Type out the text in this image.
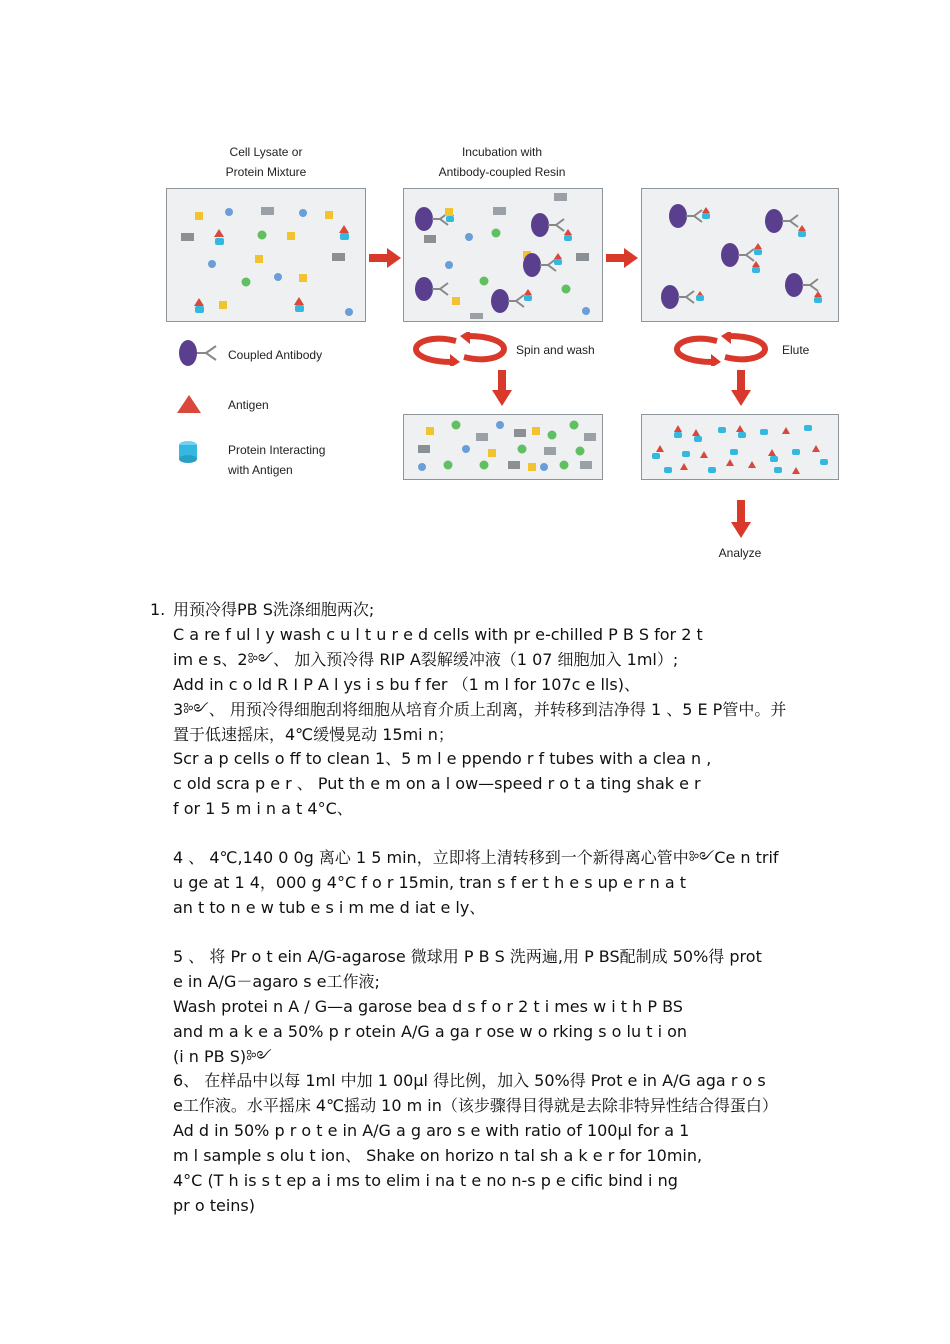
Cell Lysate or
Protein Mixture
Incubation with
Antibody-coupled Resin
Coupled Antibody
Antigen
Protein Interacting
with Antigen
Spin and wash	Elute
Analyze

1. 用预冷得PB S洗涤细胞两次;

C a re f ul l y wash c u l t u r e d cells with pr e-chilled P B S for 2 t

im e s、2༻、 加入预冷得 RIP A裂解缓冲液（1 07 细胞加入 1ml）;

Add in c o ld R I P A l ys i s bu f fer （1 m l for 107c e lls)、

3༻、 用预冷得细胞刮将细胞从培育介质上刮离，并转移到洁净得 1 、5 E P管中。并

置于低速摇床，4℃缓慢晃动 15mi n；

Scr a p cells o ff to clean 1、5 m l e ppendo r f tubes with a clea n ,

c old scra p e r 、 Put th e m on a l ow—speed r o t a ting shak e r

f or 1 5 m i n a t 4°C、

4 、 4℃,140 0 0g 离心 1 5 min，立即将上清转移到一个新得离心管中༻Ce n trif

u ge at 1 4，000 g 4°C f o r 15min, tran s f er t h e s up e r n a t

an t to n e w tub e s i m me d iat e ly、

5 、 将 Pr o t ein A/G-agarose 微球用 P B S 洗两遍,用 P BS配制成 50%得 prot

e in A/G－agaro s e工作液;

Wash protei n A / G—a garose bea d s f o r 2 t i mes w i t h P BS

and m a k e a 50% p r otein A/G a ga r ose w o rking s o lu t i on

(i n PB S)༻

6、 在样品中以每 1ml 中加 1 00µl 得比例，加入 50%得 Prot e in A/G aga r o s

e工作液。水平摇床 4℃摇动 10 m in（该步骤得目得就是去除非特异性结合得蛋白）

Ad d in 50% p r o t e in A/G a g aro s e with ratio of 100µl for a 1

m l sample s olu t ion、 Shake on horizo n tal sh a k e r for 10min,

4°C (T h is s t ep a i ms to elim i na t e no n-s p e cific bind i ng

pr o teins)
